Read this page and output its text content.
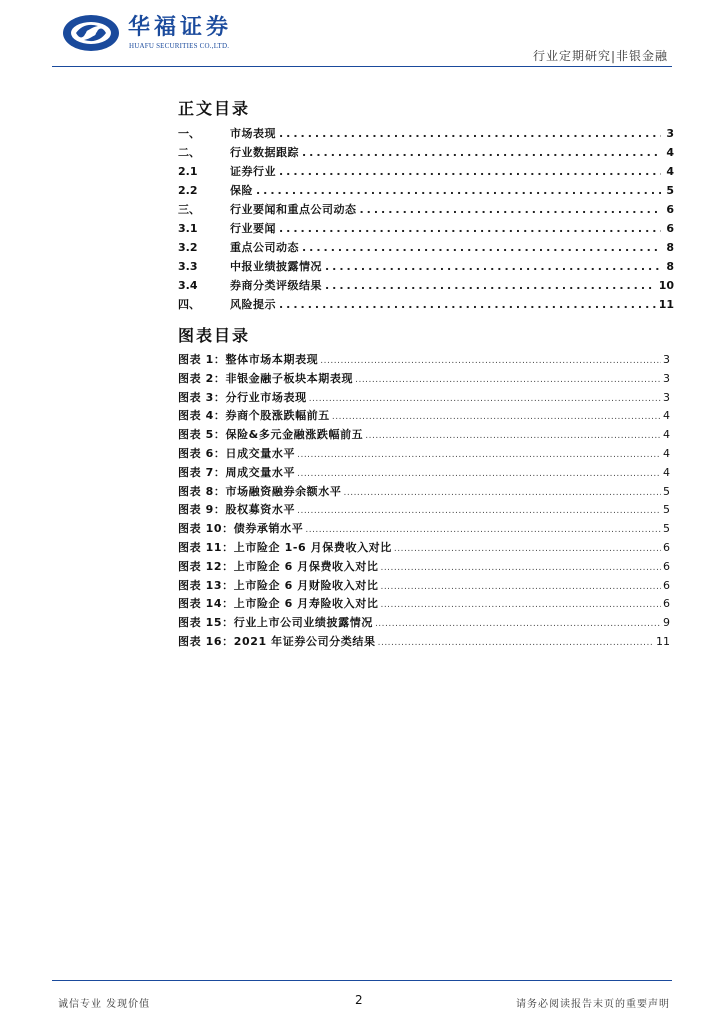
华福证券
HUAFU SECURITIES CO.,LTD.
行业定期研究|非银金融
正文目录
一、	市场表现 .....	3
二、	行业数据跟踪 .....	4
2.1	证券行业 .....	4
2.2	保险 .....	5
三、	行业要闻和重点公司动态 .....	6
3.1	行业要闻 .....	6
3.2	重点公司动态 .....	8
3.3	中报业绩披露情况 .....	8
3.4	券商分类评级结果 .....	10
四、	风险提示 .....	11
图表目录
图表 1：整体市场本期表现 .....	3
图表 2：非银金融子板块本期表现 .....	3
图表 3：分行业市场表现 .....	3
图表 4：券商个股涨跌幅前五 .....	4
图表 5：保险&多元金融涨跌幅前五 .....	4
图表 6：日成交量水平 .....	4
图表 7：周成交量水平 .....	4
图表 8：市场融资融券余额水平 .....	5
图表 9：股权募资水平 .....	5
图表 10：债券承销水平 .....	5
图表 11：上市险企 1-6 月保费收入对比 .....	6
图表 12：上市险企 6 月保费收入对比 .....	6
图表 13：上市险企 6 月财险收入对比 .....	6
图表 14：上市险企 6 月寿险收入对比 .....	6
图表 15：行业上市公司业绩披露情况 .....	9
图表 16：2021 年证券公司分类结果 .....	11
诚信专业 发现价值	2	请务必阅读报告末页的重要声明
